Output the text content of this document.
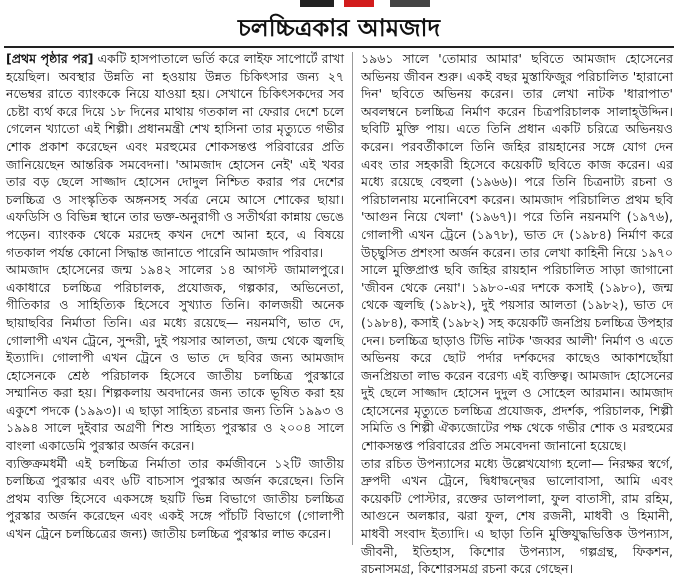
চলচ্চিত্রকার আমজাদ

[প্রথম পৃষ্ঠার পর] একটি হাসপাতালে ভর্তি করে লাইফ সাপোর্টে রাখা হয়েছিল। অবস্থার উন্নতি না হওয়ায় উন্নত চিকিৎসার জন্য ২৭ নভেম্বর রাতে ব্যাংককে নিয়ে যাওয়া হয়। সেখানে চিকিৎসকদের সব চেষ্টা ব্যর্থ করে দিয়ে ১৮ দিনের মাথায় গতকাল না ফেরার দেশে চলে গেলেন খ্যাতাে এই শিল্পী। প্রধানমন্ত্রী শেখ হাসিনা তার মৃত্যুতে গভীর শোক প্রকাশ করেছেন এবং মরহুমের শোকসন্তপ্ত পরিবারের প্রতি জানিয়েছেন আন্তরিক সমবেদনা। 'আমজাদ হোসেন নেই' এই খবর তার বড় ছেলে সাজ্জাদ হোসেন দোদুল নিশ্চিত করার পর দেশের চলচ্চিত্র ও সাংস্কৃতিক অঙ্গনসহ সর্বত্র নেমে আসে শোকের ছায়া। এফডিসি ও বিভিন্ন স্থানে তার ভক্ত-অনুরাগী ও সতীর্থরা কান্নায় ভেঙে পড়েন। ব্যাংকক থেকে মরদেহ কখন দেশে আনা হবে, এ বিষয়ে গতকাল পর্যন্ত কোনো সিদ্ধান্ত জানাতে পারেনি আমজাদ পরিবার।

আমজাদ হোসেনের জন্ম ১৯৪২ সালের ১৪ আগস্ট জামালপুরে। একাধারে চলচ্চিত্র পরিচালক, প্রযোজক, গল্পকার, অভিনেতা, গীতিকার ও সাহিত্যিক হিসেবে সুখ্যাত তিনি। কালজয়ী অনেক ছায়াছবির নির্মাতা তিনি। এর মধ্যে রয়েছে— নয়নমণি, ভাত দে, গোলাপী এখন ট্রেনে, সুন্দরী, দুই পয়সার আলতা, জন্ম থেকে জ্বলছি ইত্যাদি। গোলাপী এখন ট্রেনে ও ভাত দে ছবির জন্য আমজাদ হোসেনকে শ্রেষ্ঠ পরিচালক হিসেবে জাতীয় চলচ্চিত্র পুরস্কারে সম্মানিত করা হয়। শিল্পকলায় অবদানের জন্য তাকে ভূষিত করা হয় একুশে পদকে (১৯৯৩)। এ ছাড়া সাহিত্য রচনার জন্য তিনি ১৯৯৩ ও ১৯৯৪ সালে দুইবার অগ্রণী শিশু সাহিত্য পুরস্কার ও ২০০৪ সালে বাংলা একাডেমি পুরস্কার অর্জন করেন।

ব্যক্তিক্রমধর্মী এই চলচ্চিত্র নির্মাতা তার কর্মজীবনে ১২টি জাতীয় চলচ্চিত্র পুরস্কার এবং ৬টি বাচসাস পুরস্কার অর্জন করেছেন। তিনি প্রথম ব্যক্তি হিসেবে একসঙ্গে ছয়টি ভিন্ন বিভাগে জাতীয় চলচ্চিত্র পুরস্কার অর্জন করেছেন এবং একই সঙ্গে পাঁচটি বিভাগে (গোলাপী এখন ট্রেনে চলচ্চিত্রের জন্য) জাতীয় চলচ্চিত্র পুরস্কার লাভ করেন।

১৯৬১ সালে 'তোমার আমার' ছবিতে আমজাদ হোসেনের অভিনয় জীবন শুরু। একই বছর মুস্তাফিজুর পরিচালিত 'হারানো দিন' ছবিতে অভিনয় করেন। তার লেখা নাটক 'ধারাপাত' অবলম্বনে চলচ্চিত্র নির্মাণ করেন চিত্রপরিচালক সালাহ্উদ্দিন। ছবিটি মুক্তি পায়। এতে তিনি প্রধান একটি চরিত্রে অভিনয়ও করেন। পরবর্তীকালে তিনি জহির রায়হানের সঙ্গে যোগ দেন এবং তার সহকারী হিসেবে কয়েকটি ছবিতে কাজ করেন। এর মধ্যে রয়েছে বেহুলা (১৯৬৬)। পরে তিনি চিত্রনাট্য রচনা ও পরিচালনায় মনোনিবেশ করেন। আমজাদ পরিচালিত প্রথম ছবি 'আগুন নিয়ে খেলা' (১৯৬৭)। পরে তিনি নয়নমণি (১৯৭৬), গোলাপী এখন ট্রেনে (১৯৭৮), ভাত দে (১৯৮৪) নির্মাণ করে উচ্ছ্বসিত প্রশংসা অর্জন করেন। তার লেখা কাহিনী নিয়ে ১৯৭০ সালে মুক্তিপ্রাপ্ত ছবি জহির রায়হান পরিচালিত সাড়া জাগানো 'জীবন থেকে নেয়া'। ১৯৮০-এর দশকে কসাই (১৯৮০), জন্ম থেকে জ্বলছি (১৯৮২), দুই পয়সার আলতা (১৯৮২), ভাত দে (১৯৮৪), কসাই (১৯৮২) সহ কয়েকটি জনপ্রিয় চলচ্চিত্র উপহার দেন। চলচ্চিত্র ছাড়াও টিভি নাটক 'জব্বর আলী' নির্মাণ ও এতে অভিনয় করে ছোট পর্দার দর্শকদের কাছেও আকাশছোঁয়া জনপ্রিয়তা লাভ করেন বরেণ্য এই ব্যক্তিত্ব। আমজাদ হোসেনের দুই ছেলে সাজ্জাদ হোসেন দুদুল ও সোহেল আরমান। আমজাদ হোসেনের মৃত্যুতে চলচ্চিত্র প্রযোজক, প্রদর্শক, পরিচালক, শিল্পী সমিতি ও শিল্পী ঐক্যজোটের পক্ষ থেকে গভীর শোক ও মরহুমের শোকসন্তপ্ত পরিবারের প্রতি সমবেদনা জানানো হয়েছে।

তার রচিত উপন্যাসের মধ্যে উল্লেখযোগ্য হলো— নিরক্ষর স্বর্গে, দ্রুপদী এখন ট্রেনে, দ্বিধাদ্বন্দ্বের ভালোবাসা, আমি এবং কয়েকটি পোস্টার, রক্তের ডালপালা, ফুল বাতাসী, রাম রহিম, আগুনে অলঙ্কার, ঝরা ফুল, শেষ রজনী, মাধবী ও হিমানী, মাধবী সংবাদ ইত্যাদি। এ ছাড়া তিনি মুক্তিযুদ্ধভিত্তিক উপন্যাস, জীবনী, ইতিহাস, কিশোর উপন্যাস, গল্পগ্রন্থ, ফিকশন, রচনাসমগ্র, কিশোরসমগ্র রচনা করে গেছেন।
